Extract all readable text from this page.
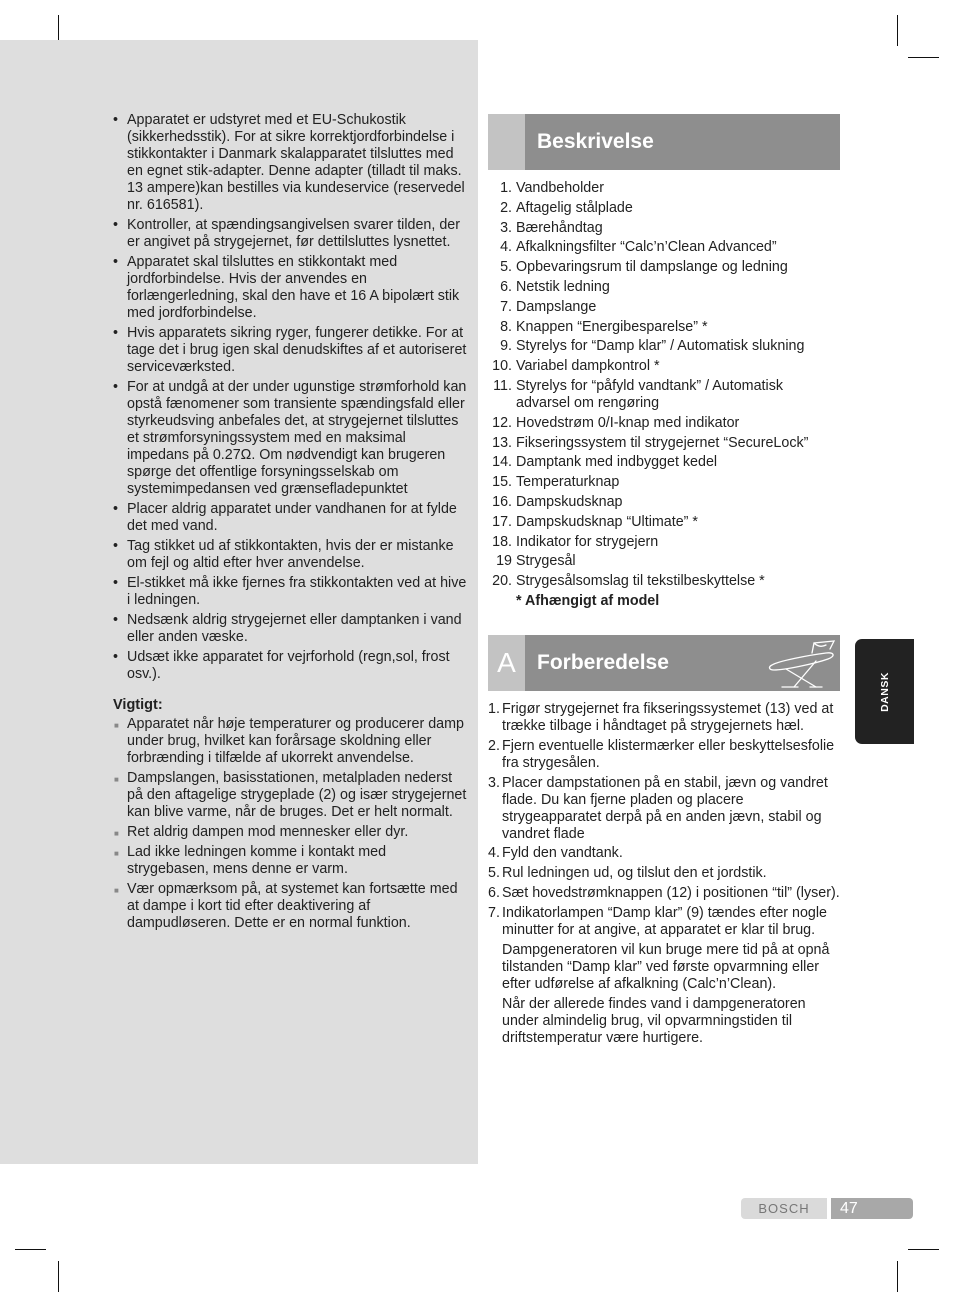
• Apparatet er udstyret med et EU-Schukostik (sikkerhedsstik). For at sikre korrektjordforbindelse i stikkontakter i Danmark skalapparatet tilsluttes med en egnet stik-adapter. Denne adapter (tilladt til maks. 13 ampere)kan bestilles via kundeservice (reservedel nr. 616581).
• Kontroller, at spændingsangivelsen svarer tilden, der er angivet på strygejernet, før dettilsluttes lysnettet.
• Apparatet skal tilsluttes en stikkontakt med jordforbindelse. Hvis der anvendes en forlængerledning, skal den have et 16 A bipolært stik med jordforbindelse.
• Hvis apparatets sikring ryger, fungerer detikke. For at tage det i brug igen skal denudskiftes af et autoriseret serviceværksted.
• For at undgå at der under ugunstige strømforhold kan opstå fænomener som transiente spændingsfald eller styrkeudsving anbefales det, at strygejernet tilsluttes et strømforsyningssystem med en maksimal impedans på 0.27Ω. Om nødvendigt kan brugeren spørge det offentlige forsyningsselskab om systemimpedansen ved grænsefladepunktet
• Placer aldrig apparatet under vandhanen for at fylde det med vand.
• Tag stikket ud af stikkontakten, hvis der er mistanke om fejl og altid efter hver anvendelse.
• El-stikket må ikke fjernes fra stikkontakten ved at hive i ledningen.
• Nedsænk aldrig strygejernet eller damptanken i vand eller anden væske.
• Udsæt ikke apparatet for vejrforhold (regn,sol, frost osv.).
Vigtigt:
■ Apparatet når høje temperaturer og producerer damp under brug, hvilket kan forårsage skoldning eller forbrænding i tilfælde af ukorrekt anvendelse.
■ Dampslangen, basisstationen, metalpladen nederst på den aftagelige strygeplade (2) og især strygejernet kan blive varme, når de bruges. Det er helt normalt.
■ Ret aldrig dampen mod mennesker eller dyr.
■ Lad ikke ledningen komme i kontakt med strygebasen, mens denne er varm.
■ Vær opmærksom på, at systemet kan fortsætte med at dampe i kort tid efter deaktivering af dampudløseren. Dette er en normal funktion.
Beskrivelse
1. Vandbeholder
2. Aftagelig stålplade
3. Bærehåndtag
4. Afkalkningsfilter “Calc’n’Clean Advanced”
5. Opbevaringsrum til dampslange og ledning
6. Netstik ledning
7. Dampslange
8. Knappen “Energibesparelse” *
9. Styrelys for “Damp klar” / Automatisk slukning
10. Variabel dampkontrol *
11. Styrelys for “påfyld vandtank” / Automatisk advarsel om rengøring
12. Hovedstrøm 0/I-knap med indikator
13. Fikseringssystem til strygejernet “SecureLock”
14. Damptank med indbygget kedel
15. Temperaturknap
16. Dampskudsknap
17. Dampskudsknap “Ultimate” *
18. Indikator for strygejern
19 Strygesål
20. Strygesålsomslag til tekstilbeskyttelse *
* Afhængigt af model
A	Forberedelse
1. Frigør strygejernet fra fikseringssystemet (13) ved at trække tilbage i håndtaget på strygejernets hæl.
2. Fjern eventuelle klistermærker eller beskyttelsesfolie fra strygesålen.
3. Placer dampstationen på en stabil, jævn og vandret flade. Du kan fjerne pladen og placere strygeapparatet derpå på en anden jævn, stabil og vandret flade
4. Fyld den vandtank.
5. Rul ledningen ud, og tilslut den et jordstik.
6. Sæt hovedstrømknappen (12) i positionen “til” (lyser).
7. Indikatorlampen “Damp klar” (9) tændes efter nogle minutter for at angive, at apparatet er klar til brug.

Dampgeneratoren vil kun bruge mere tid på at opnå tilstanden “Damp klar” ved første opvarmning eller efter udførelse af afkalkning (Calc’n’Clean).

Når der allerede findes vand i dampgeneratoren under almindelig brug, vil opvarmningstiden til driftstemperatur være hurtigere.

DANSK
BOSCH	47
